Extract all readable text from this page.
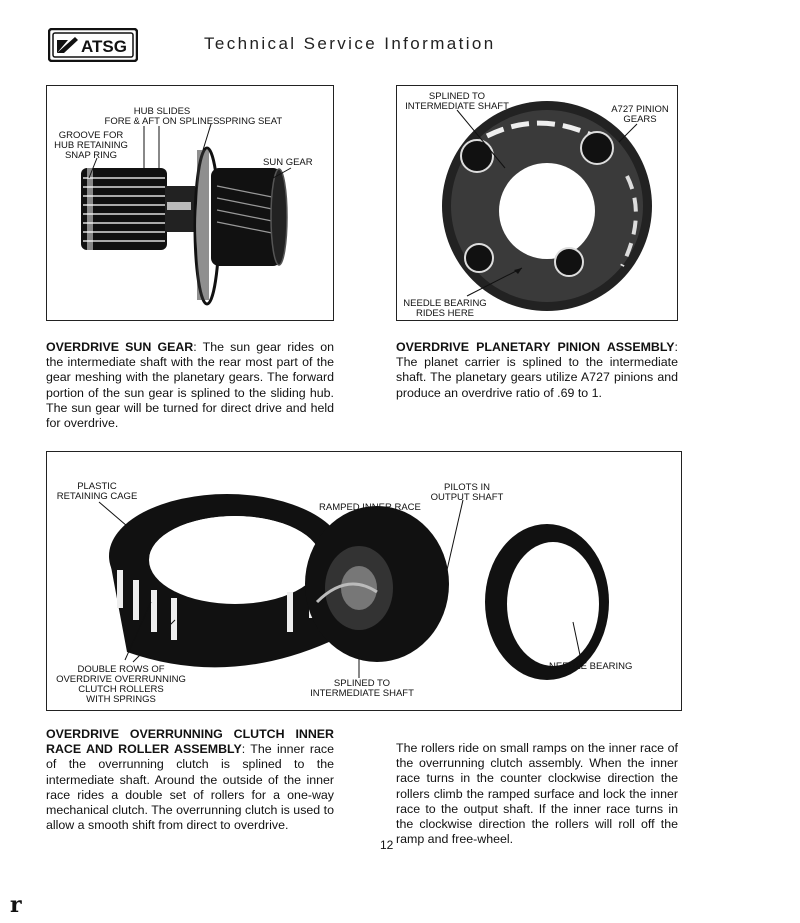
ATSG	Technical Service Information
HUB SLIDES
FORE & AFT ON SPLINES SPRING SEAT
GROOVE FOR
HUB RETAINING
SNAP RING
SUN GEAR
SPLINED TO
INTERMEDIATE SHAFT	A727 PINION
GEARS
NEEDLE BEARING
RIDES HERE
OVERDRIVE SUN GEAR: The sun gear rides on the intermediate shaft with the rear most part of the gear meshing with the planetary gears. The forward portion of the sun gear is splined to the sliding hub. The sun gear will be turned for direct drive and held for overdrive.
OVERDRIVE PLANETARY PINION ASSEMBLY: The planet carrier is splined to the intermediate shaft. The planetary gears utilize A727 pinions and produce an overdrive ratio of .69 to 1.
PLASTIC
RETAINING CAGE
RAMPED INNER RACE
PILOTS IN
OUTPUT SHAFT
DOUBLE ROWS OF
OVERDRIVE OVERRUNNING
CLUTCH ROLLERS
WITH SPRINGS
SPLINED TO
INTERMEDIATE SHAFT
NEEDLE BEARING
OVERDRIVE OVERRUNNING CLUTCH INNER RACE AND ROLLER ASSEMBLY: The inner race of the overrunning clutch is splined to the intermediate shaft. Around the outside of the inner race rides a double set of rollers for a one-way mechanical clutch. The overrunning clutch is used to allow a smooth shift from direct to overdrive.
The rollers ride on small ramps on the inner race of the overrunning clutch assembly. When the inner race turns in the counter clockwise direction the rollers climb the ramped surface and lock the inner race to the output shaft. If the inner race turns in the clockwise direction the rollers will roll off the ramp and free-wheel.
12
r
